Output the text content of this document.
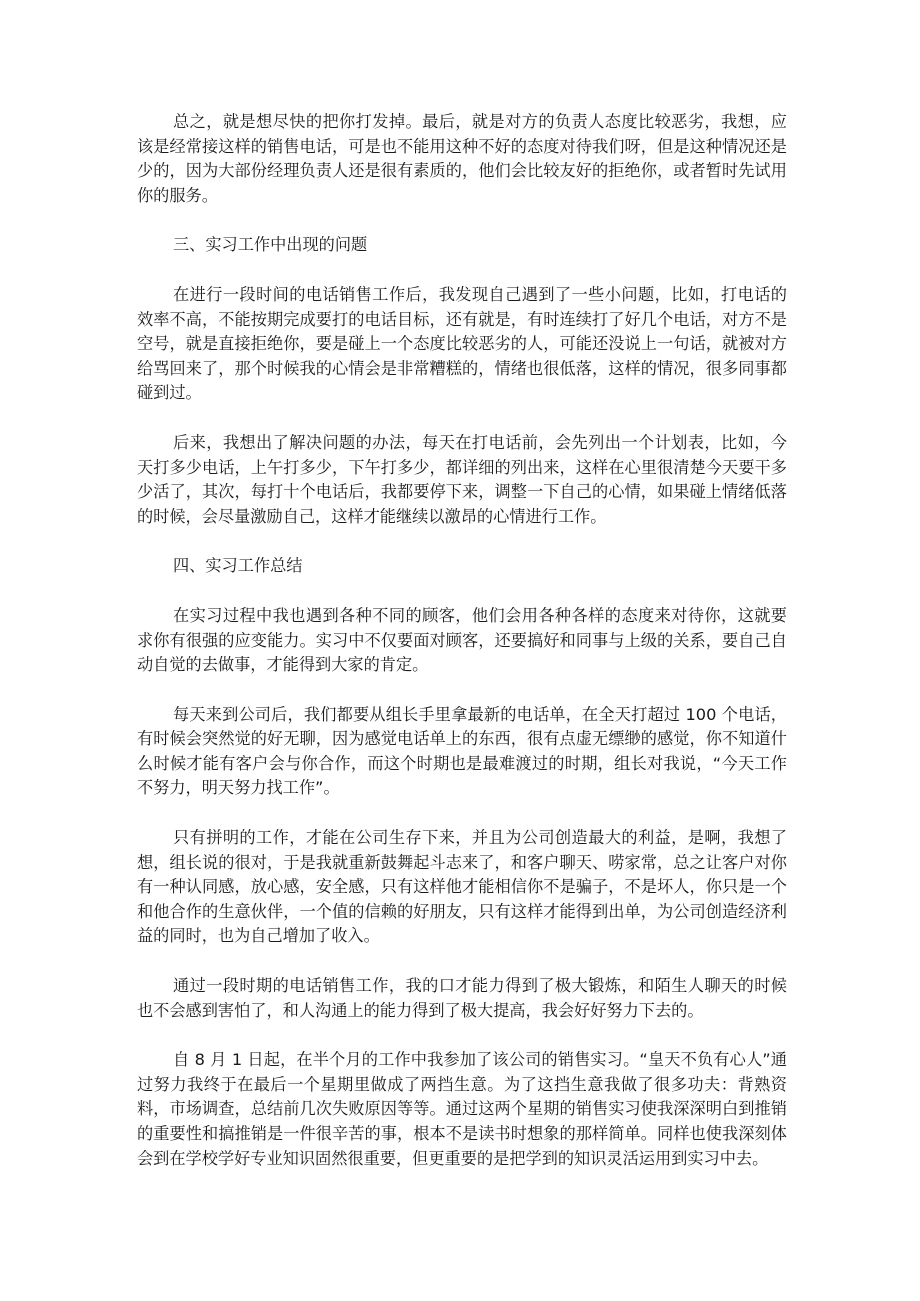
总之，就是想尽快的把你打发掉。最后，就是对方的负责人态度比较恶劣，我想，应该是经常接这样的销售电话，可是也不能用这种不好的态度对待我们呀，但是这种情况还是少的，因为大部份经理负责人还是很有素质的，他们会比较友好的拒绝你，或者暂时先试用你的服务。

三、实习工作中出现的问题

在进行一段时间的电话销售工作后，我发现自己遇到了一些小问题，比如，打电话的效率不高，不能按期完成要打的电话目标，还有就是，有时连续打了好几个电话，对方不是空号，就是直接拒绝你，要是碰上一个态度比较恶劣的人，可能还没说上一句话，就被对方给骂回来了，那个时候我的心情会是非常糟糕的，情绪也很低落，这样的情况，很多同事都碰到过。

后来，我想出了解决问题的办法，每天在打电话前，会先列出一个计划表，比如，今天打多少电话，上午打多少，下午打多少，都详细的列出来，这样在心里很清楚今天要干多少活了，其次，每打十个电话后，我都要停下来，调整一下自己的心情，如果碰上情绪低落的时候，会尽量激励自己，这样才能继续以激昂的心情进行工作。

四、实习工作总结

在实习过程中我也遇到各种不同的顾客，他们会用各种各样的态度来对待你，这就要求你有很强的应变能力。实习中不仅要面对顾客，还要搞好和同事与上级的关系，要自己自动自觉的去做事，才能得到大家的肯定。

每天来到公司后，我们都要从组长手里拿最新的电话单，在全天打超过 100 个电话，有时候会突然觉的好无聊，因为感觉电话单上的东西，很有点虚无缥缈的感觉，你不知道什么时候才能有客户会与你合作，而这个时期也是最难渡过的时期，组长对我说，“今天工作不努力，明天努力找工作”。

只有拼明的工作，才能在公司生存下来，并且为公司创造最大的利益，是啊，我想了想，组长说的很对，于是我就重新鼓舞起斗志来了，和客户聊天、唠家常，总之让客户对你有一种认同感，放心感，安全感，只有这样他才能相信你不是骗子，不是坏人，你只是一个和他合作的生意伙伴，一个值的信赖的好朋友，只有这样才能得到出单，为公司创造经济利益的同时，也为自己增加了收入。

通过一段时期的电话销售工作，我的口才能力得到了极大锻炼，和陌生人聊天的时候也不会感到害怕了，和人沟通上的能力得到了极大提高，我会好好努力下去的。

自 8 月 1 日起，在半个月的工作中我参加了该公司的销售实习。“皇天不负有心人”通过努力我终于在最后一个星期里做成了两挡生意。为了这挡生意我做了很多功夫：背熟资料，市场调查，总结前几次失败原因等等。通过这两个星期的销售实习使我深深明白到推销的重要性和搞推销是一件很辛苦的事，根本不是读书时想象的那样简单。同样也使我深刻体会到在学校学好专业知识固然很重要，但更重要的是把学到的知识灵活运用到实习中去。
